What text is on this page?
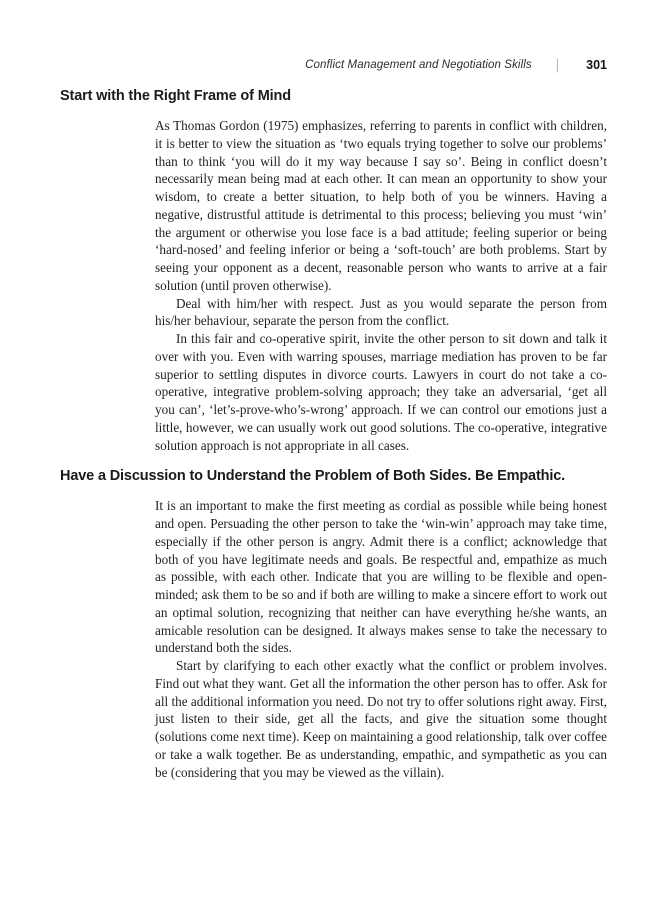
Conflict Management and Negotiation Skills | 301
Start with the Right Frame of Mind

As Thomas Gordon (1975) emphasizes, referring to parents in conflict with children, it is better to view the situation as ‘two equals trying together to solve our problems’ than to think ‘you will do it my way because I say so’. Being in conflict doesn’t necessarily mean being mad at each other. It can mean an opportunity to show your wisdom, to create a better situation, to help both of you be winners. Having a negative, distrustful attitude is detrimental to this process; believing you must ‘win’ the argument or otherwise you lose face is a bad attitude; feeling superior or being ‘hard-nosed’ and feeling inferior or being a ‘soft-touch’ are both problems. Start by seeing your opponent as a decent, reasonable person who wants to arrive at a fair solution (until proven otherwise).

Deal with him/her with respect. Just as you would separate the person from his/her behaviour, separate the person from the conflict.

In this fair and co-operative spirit, invite the other person to sit down and talk it over with you. Even with warring spouses, marriage mediation has proven to be far superior to settling disputes in divorce courts. Lawyers in court do not take a co-operative, integrative problem-solving approach; they take an adversarial, ‘get all you can’, ‘let’s-prove-who’s-wrong’ approach. If we can control our emotions just a little, however, we can usually work out good solutions. The co-operative, integrative solution approach is not appropriate in all cases.

Have a Discussion to Understand the Problem of Both Sides. Be Empathic.

It is an important to make the first meeting as cordial as possible while being honest and open. Persuading the other person to take the ‘win-win’ approach may take time, especially if the other person is angry. Admit there is a conflict; acknowledge that both of you have legitimate needs and goals. Be respectful and, empathize as much as possible, with each other. Indicate that you are willing to be flexible and open-minded; ask them to be so and if both are willing to make a sincere effort to work out an optimal solution, recognizing that neither can have everything he/she wants, an amicable resolution can be designed. It always makes sense to take the necessary to understand both the sides.

Start by clarifying to each other exactly what the conflict or problem involves. Find out what they want. Get all the information the other person has to offer. Ask for all the additional information you need. Do not try to offer solutions right away. First, just listen to their side, get all the facts, and give the situation some thought (solutions come next time). Keep on maintaining a good relationship, talk over coffee or take a walk together. Be as understanding, empathic, and sympathetic as you can be (considering that you may be viewed as the villain).
